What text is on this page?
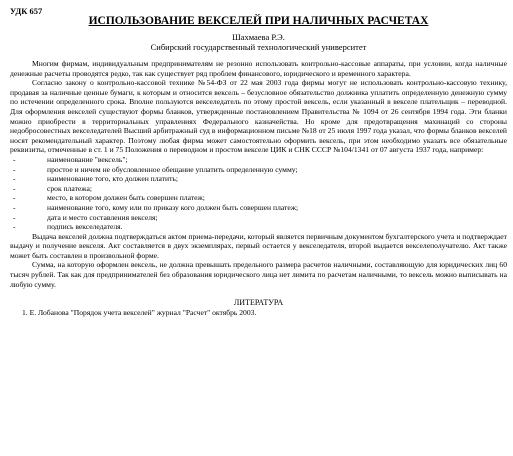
УДК 657
ИСПОЛЬЗОВАНИЕ ВЕКСЕЛЕЙ ПРИ НАЛИЧНЫХ РАСЧЕТАХ
Шахмаева Р.Э.
Сибирский государственный технологический университет

Многим фирмам, индивидуальным предпринимателям не резонно использовать контрольно-кассовые аппараты, при условии, когда наличные денежные расчеты проводятся редко, так как существует ряд проблем финансового, юридического и временного характера.

Согласно закону о контрольно-кассовой технике №54-ФЗ от 22 мая 2003 года фирмы могут не использовать контрольно-кассовую технику, продавая за наличные ценные бумаги, к которым и относится вексель – безусловное обязательство должника уплатить определенную денежную сумму по истечении определенного срока. Вполне пользуются векселедатель по этому простой вексель, если указанный в векселе плательщик – переводной. Для оформления векселей существуют формы бланков, утвержденные постановлением Правительства № 1094 от 26 сентября 1994 года. Эти бланки можно приобрести в территориальных управлениях Федерального казначейства. Но кроме для предотвращения махинаций со стороны недобросовестных векселедателей Высший арбитражный суд в информационном письме №18 от 25 июля 1997 года указал, что формы бланков векселей носят рекомендательный характер. Поэтому любая фирма может самостоятельно оформить вексель, при этом необходимо указать все обязательные реквизиты, отмеченные в ст. 1 и 75 Положения о переводном и простом векселе ЦИК и СНК СССР №104/1341 от 07 августа 1937 года, например:

- наименование "вексель";
- простое и ничем не обусловленное обещание уплатить определенную сумму;
- наименование того, кто должен платить;
- срок платежа;
- место, в котором должен быть совершен платеж;
- наименование того, кому или по приказу кого должен быть совершен платеж;
- дата и место составления векселя;
- подпись векселедателя.

Выдача векселей должна подтверждаться актом приема-передачи, который является первичным документом бухгалтерского учета и подтверждает выдачу и получение векселя. Акт составляется в двух экземплярах, первый остается у векселедателя, второй выдается векселеполучателю. Акт также может быть составлен в произвольной форме.

Сумма, на которую оформлен вексель, не должна превышать предельного размера расчетов наличными, составляющую для юридических лиц 60 тысяч рублей. Так как для предпринимателей без образования юридического лица нет лимита по расчетам наличными, то вексель можно выписывать на любую сумму.

ЛИТЕРАТУРА
1. Е. Лобанова "Порядок учета векселей" журнал "Расчет" октябрь 2003.
